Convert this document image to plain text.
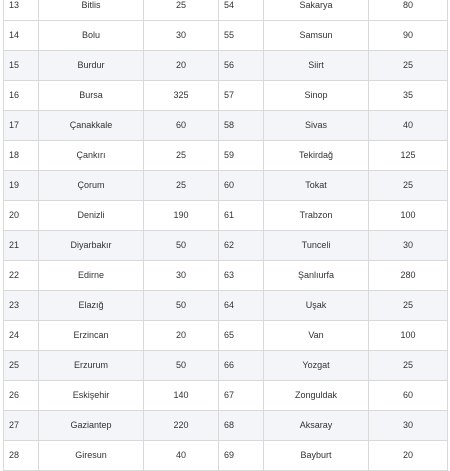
13	Bitlis	25	54	Sakarya	80
14	Bolu	30	55	Samsun	90
15	Burdur	20	56	Siirt	25
16	Bursa	325	57	Sinop	35
17	Çanakkale	60	58	Sivas	40
18	Çankırı	25	59	Tekirdağ	125
19	Çorum	25	60	Tokat	25
20	Denizli	190	61	Trabzon	100
21	Diyarbakır	50	62	Tunceli	30
22	Edirne	30	63	Şanlıurfa	280
23	Elazığ	50	64	Uşak	25
24	Erzincan	20	65	Van	100
25	Erzurum	50	66	Yozgat	25
26	Eskişehir	140	67	Zonguldak	60
27	Gaziantep	220	68	Aksaray	30
28	Giresun	40	69	Bayburt	20
